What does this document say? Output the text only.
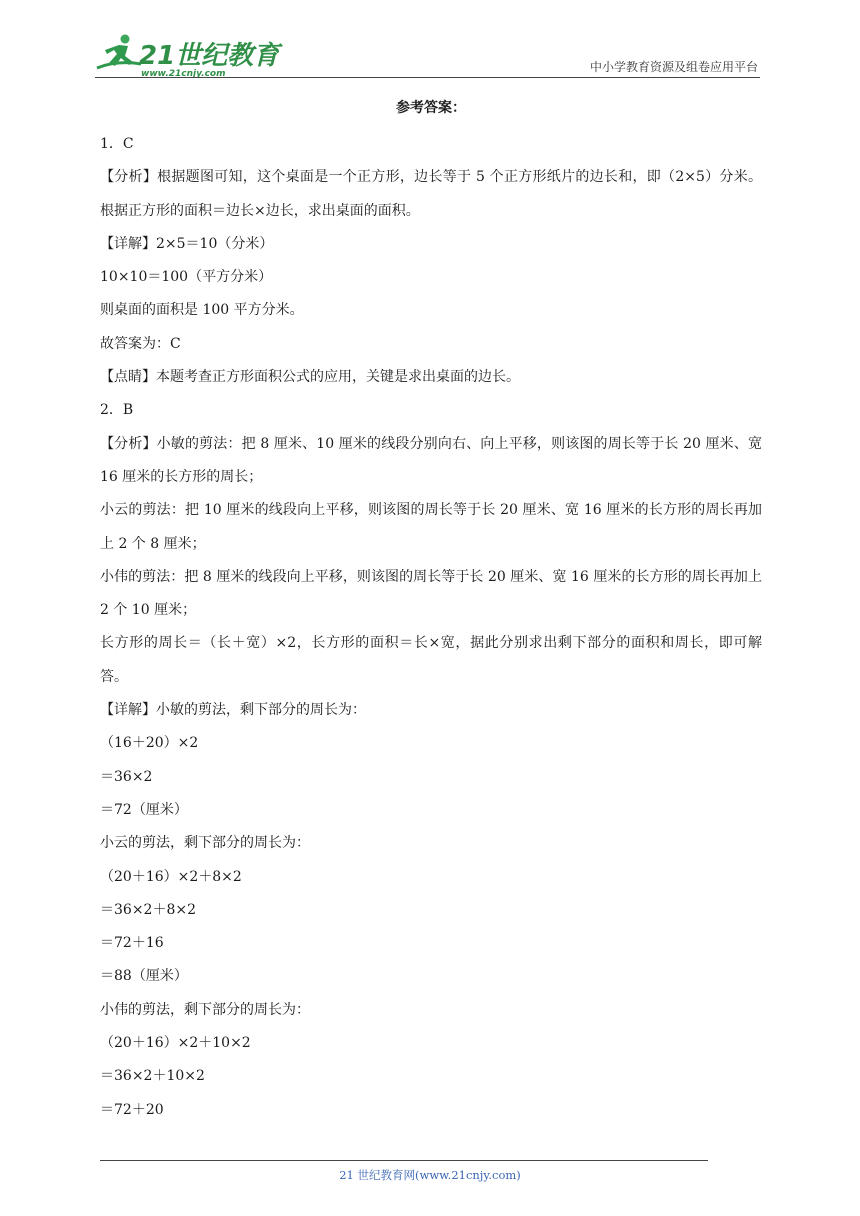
21世纪教育
www.21cnjy.com	中小学教育资源及组卷应用平台
参考答案：
1．C
【分析】根据题图可知，这个桌面是一个正方形，边长等于 5 个正方形纸片的边长和，即（2×5）分米。根据正方形的面积＝边长×边长，求出桌面的面积。
【详解】2×5＝10（分米）
10×10＝100（平方分米）
则桌面的面积是 100 平方分米。
故答案为：C
【点睛】本题考查正方形面积公式的应用，关键是求出桌面的边长。
2．B
【分析】小敏的剪法：把 8 厘米、10 厘米的线段分别向右、向上平移，则该图的周长等于长 20 厘米、宽 16 厘米的长方形的周长；
小云的剪法：把 10 厘米的线段向上平移，则该图的周长等于长 20 厘米、宽 16 厘米的长方形的周长再加上 2 个 8 厘米；
小伟的剪法：把 8 厘米的线段向上平移，则该图的周长等于长 20 厘米、宽 16 厘米的长方形的周长再加上 2 个 10 厘米；
长方形的周长＝（长＋宽）×2，长方形的面积＝长×宽，据此分别求出剩下部分的面积和周长，即可解答。
【详解】小敏的剪法，剩下部分的周长为：
（16＋20）×2
＝36×2
＝72（厘米）
小云的剪法，剩下部分的周长为：
（20＋16）×2＋8×2
＝36×2＋8×2
＝72＋16
＝88（厘米）
小伟的剪法，剩下部分的周长为：
（20＋16）×2＋10×2
＝36×2＋10×2
＝72＋20
21 世纪教育网(www.21cnjy.com)
